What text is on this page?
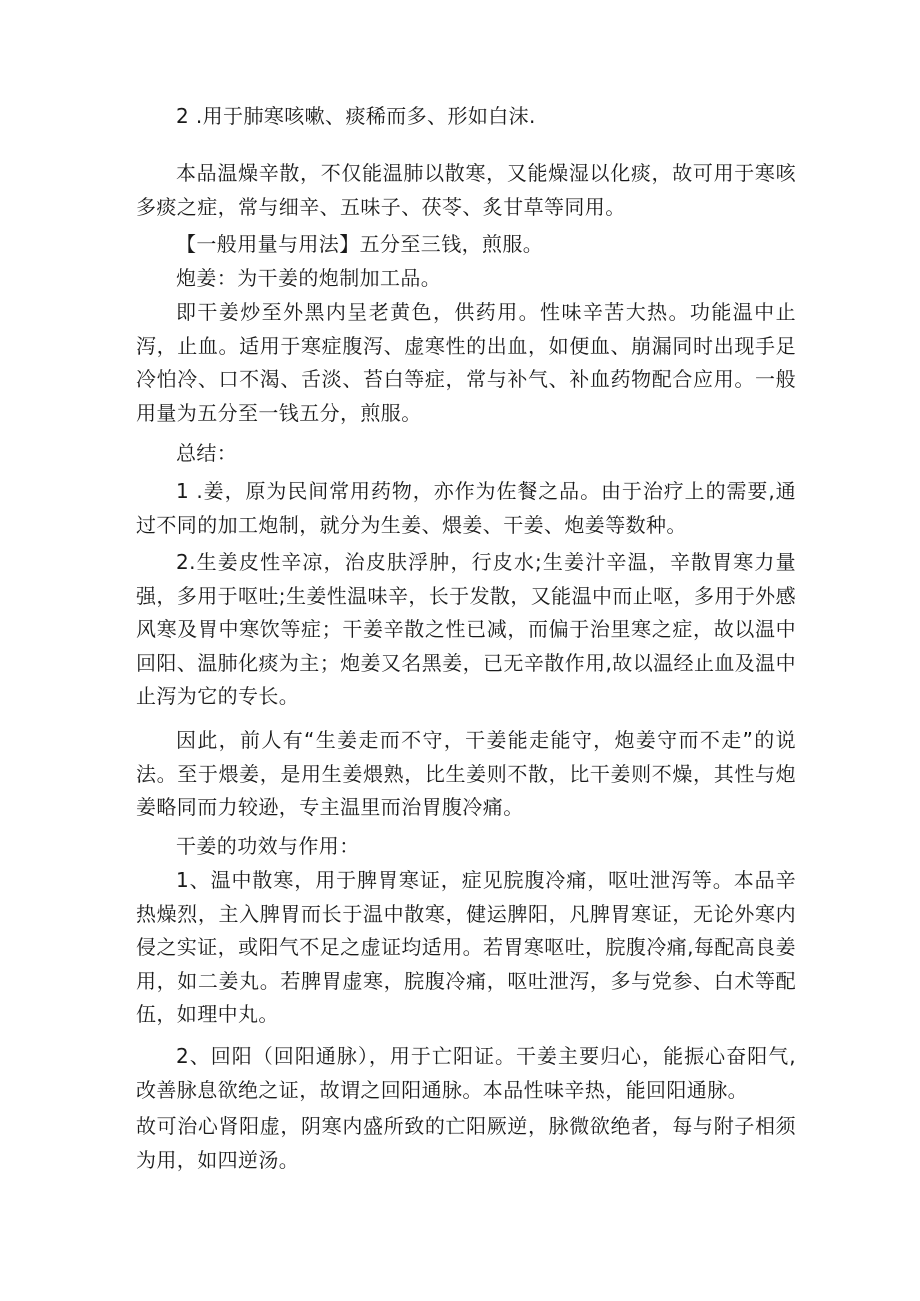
2 .用于肺寒咳嗽、痰稀而多、形如白沫.

本品温燥辛散，不仅能温肺以散寒，又能燥湿以化痰，故可用于寒咳多痰之症，常与细辛、五味子、茯苓、炙甘草等同用。

【一般用量与用法】五分至三钱，煎服。

炮姜：为干姜的炮制加工品。

即干姜炒至外黑内呈老黄色，供药用。性味辛苦大热。功能温中止泻，止血。适用于寒症腹泻、虚寒性的出血，如便血、崩漏同时出现手足冷怕冷、口不渴、舌淡、苔白等症，常与补气、补血药物配合应用。一般用量为五分至一钱五分，煎服。

总结：

1 .姜，原为民间常用药物，亦作为佐餐之品。由于治疗上的需要,通过不同的加工炮制，就分为生姜、煨姜、干姜、炮姜等数种。

2.生姜皮性辛凉，治皮肤浮肿，行皮水;生姜汁辛温，辛散胃寒力量强，多用于呕吐;生姜性温味辛，长于发散，又能温中而止呕，多用于外感风寒及胃中寒饮等症；干姜辛散之性已减，而偏于治里寒之症，故以温中回阳、温肺化痰为主；炮姜又名黑姜，已无辛散作用,故以温经止血及温中止泻为它的专长。

因此，前人有“生姜走而不守，干姜能走能守，炮姜守而不走”的说法。至于煨姜，是用生姜煨熟，比生姜则不散，比干姜则不燥，其性与炮姜略同而力较逊，专主温里而治胃腹冷痛。

干姜的功效与作用：

1、温中散寒，用于脾胃寒证，症见脘腹冷痛，呕吐泄泻等。本品辛热燥烈，主入脾胃而长于温中散寒，健运脾阳，凡脾胃寒证，无论外寒内侵之实证，或阳气不足之虚证均适用。若胃寒呕吐，脘腹冷痛,每配高良姜用，如二姜丸。若脾胃虚寒，脘腹冷痛，呕吐泄泻，多与党参、白术等配伍，如理中丸。

2、回阳（回阳通脉），用于亡阳证。干姜主要归心，能振心奋阳气,改善脉息欲绝之证，故谓之回阳通脉。本品性味辛热，能回阳通脉。

故可治心肾阳虚，阴寒内盛所致的亡阳厥逆，脉微欲绝者，每与附子相须为用，如四逆汤。
